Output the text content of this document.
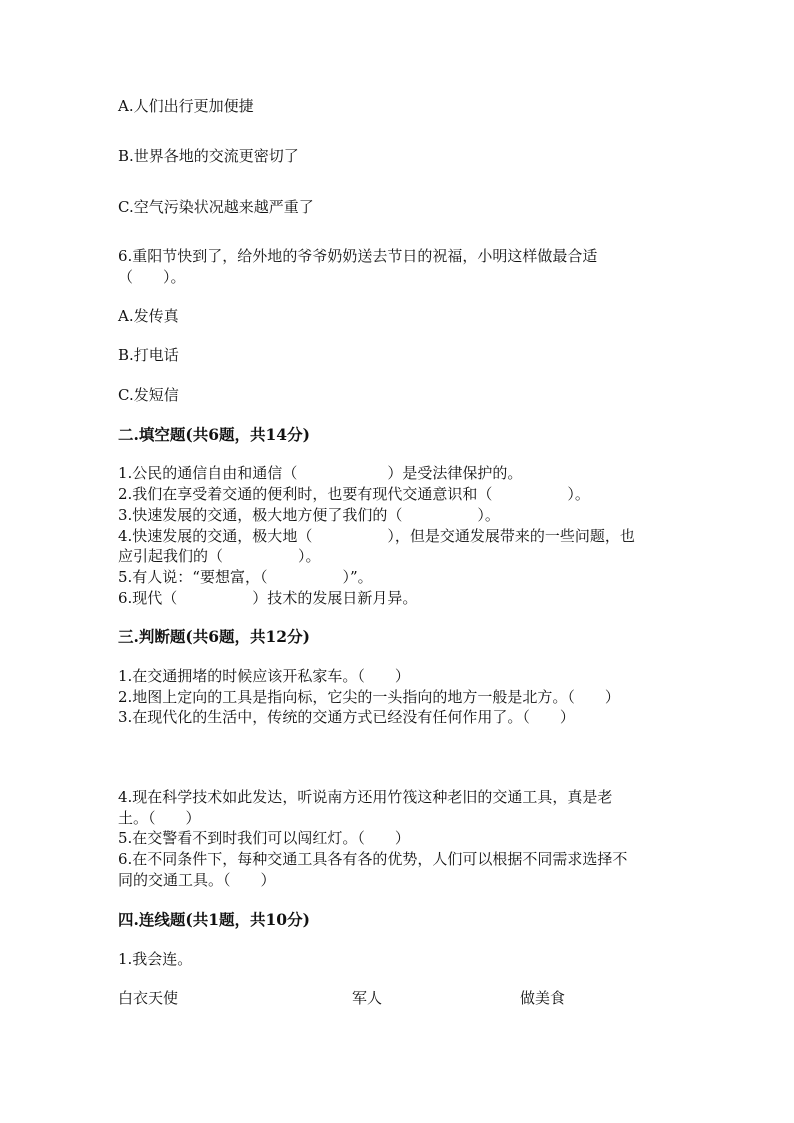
A.人们出行更加便捷
B.世界各地的交流更密切了
C.空气污染状况越来越严重了
6.重阳节快到了，给外地的爷爷奶奶送去节日的祝福，小明这样做最合适
（　　）。
A.发传真
B.打电话
C.发短信
二.填空题(共6题，共14分)
1.公民的通信自由和通信（　　　　　　）是受法律保护的。
2.我们在享受着交通的便利时，也要有现代交通意识和（　　　　　）。
3.快速发展的交通，极大地方便了我们的（　　　　　）。
4.快速发展的交通，极大地（　　　　　），但是交通发展带来的一些问题，也
应引起我们的（　　　　　）。
5.有人说：“要想富，（　　　　　）”。
6.现代（　　　　　）技术的发展日新月异。
三.判断题(共6题，共12分)
1.在交通拥堵的时候应该开私家车。（　　）
2.地图上定向的工具是指向标，它尖的一头指向的地方一般是北方。（　　）
3.在现代化的生活中，传统的交通方式已经没有任何作用了。（　　）
4.现在科学技术如此发达，听说南方还用竹筏这种老旧的交通工具，真是老
土。（　　）
5.在交警看不到时我们可以闯红灯。（　　）
6.在不同条件下，每种交通工具各有各的优势，人们可以根据不同需求选择不
同的交通工具。（　　）
四.连线题(共1题，共10分)
1.我会连。
白衣天使	军人	做美食
